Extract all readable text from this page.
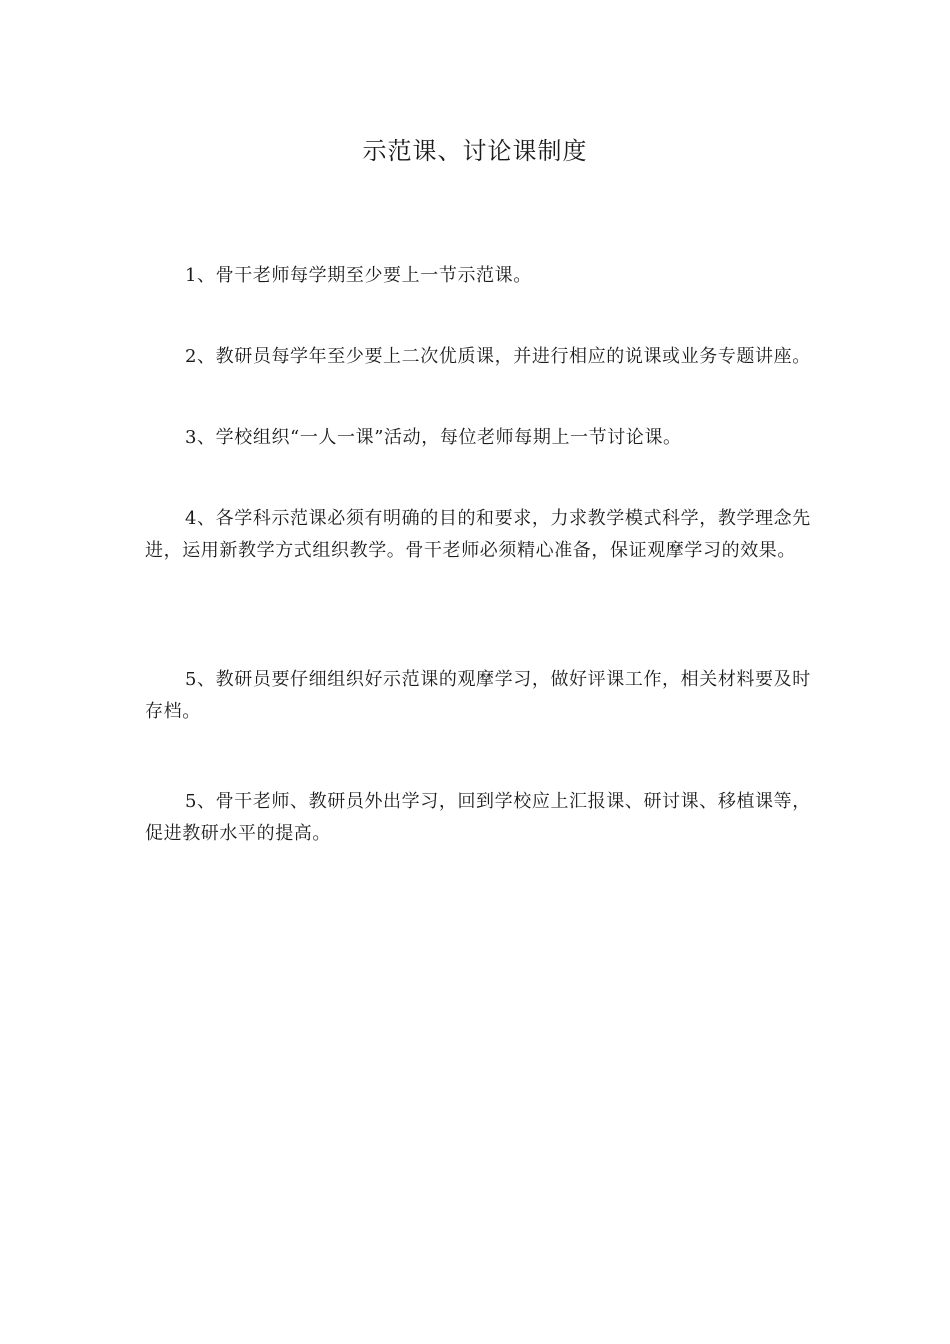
示范课、讨论课制度

1、骨干老师每学期至少要上一节示范课。

2、教研员每学年至少要上二次优质课，并进行相应的说课或业务专题讲座。

3、学校组织“一人一课”活动，每位老师每期上一节讨论课。

4、各学科示范课必须有明确的目的和要求，力求教学模式科学，教学理念先进，运用新教学方式组织教学。骨干老师必须精心准备，保证观摩学习的效果。

5、教研员要仔细组织好示范课的观摩学习，做好评课工作，相关材料要及时存档。

5、骨干老师、教研员外出学习，回到学校应上汇报课、研讨课、移植课等，促进教研水平的提高。
